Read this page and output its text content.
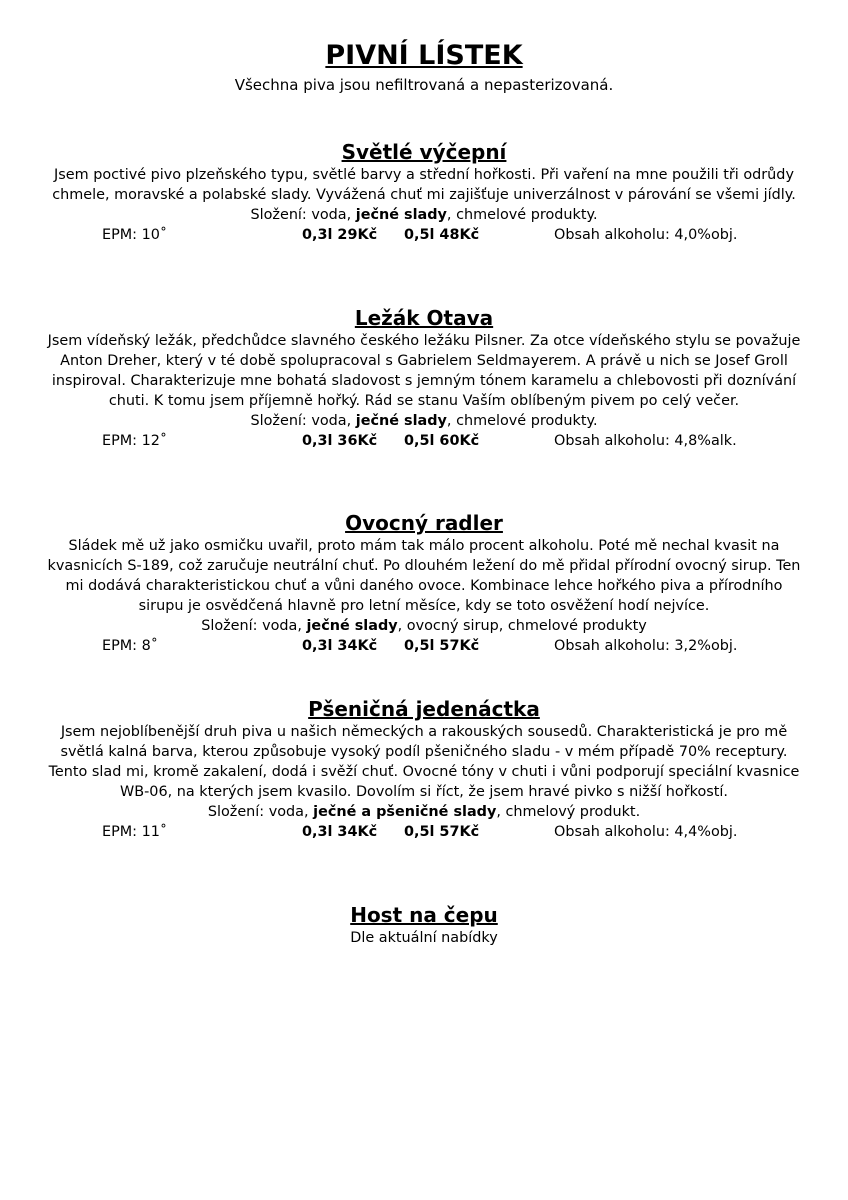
PIVNÍ LÍSTEK
Všechna piva jsou nefiltrovaná a nepasterizovaná.
Světlé výčepní

Jsem poctivé pivo plzeňského typu, světlé barvy a střední hořkosti. Při vaření na mne použili tři odrůdy chmele, moravské a polabské slady. Vyvážená chuť mi zajišťuje univerzálnost v párování se všemi jídly.

Složení: voda, ječné slady, chmelové produkty.
EPM: 10˚	0,3l 29Kč 0,5l 48Kč	Obsah alkoholu: 4,0%obj.
Ležák Otava

Jsem vídeňský ležák, předchůdce slavného českého ležáku Pilsner. Za otce vídeňského stylu se považuje Anton Dreher, který v té době spolupracoval s Gabrielem Seldmayerem. A právě u nich se Josef Groll inspiroval. Charakterizuje mne bohatá sladovost s jemným tónem karamelu a chlebovosti při doznívání chuti. K tomu jsem příjemně hořký. Rád se stanu Vaším oblíbeným pivem po celý večer.

Složení: voda, ječné slady, chmelové produkty.
EPM: 12˚	0,3l 36Kč 0,5l 60Kč	Obsah alkoholu: 4,8%alk.
Ovocný radler

Sládek mě už jako osmičku uvařil, proto mám tak málo procent alkoholu. Poté mě nechal kvasit na kvasnicích S-189, což zaručuje neutrální chuť. Po dlouhém ležení do mě přidal přírodní ovocný sirup. Ten mi dodává charakteristickou chuť a vůni daného ovoce. Kombinace lehce hořkého piva a přírodního sirupu je osvědčená hlavně pro letní měsíce, kdy se toto osvěžení hodí nejvíce.

Složení: voda, ječné slady, ovocný sirup, chmelové produkty
EPM: 8˚	0,3l 34Kč 0,5l 57Kč	Obsah alkoholu: 3,2%obj.
Pšeničná jedenáctka

Jsem nejoblíbenější druh piva u našich německých a rakouských sousedů. Charakteristická je pro mě světlá kalná barva, kterou způsobuje vysoký podíl pšeničného sladu - v mém případě 70% receptury. Tento slad mi, kromě zakalení, dodá i svěží chuť. Ovocné tóny v chuti i vůni podporují speciální kvasnice WB-06, na kterých jsem kvasilo. Dovolím si říct, že jsem hravé pivko s nižší hořkostí.

Složení: voda, ječné a pšeničné slady, chmelový produkt.
EPM: 11˚	0,3l 34Kč 0,5l 57Kč	Obsah alkoholu: 4,4%obj.
Host na čepu
Dle aktuální nabídky
